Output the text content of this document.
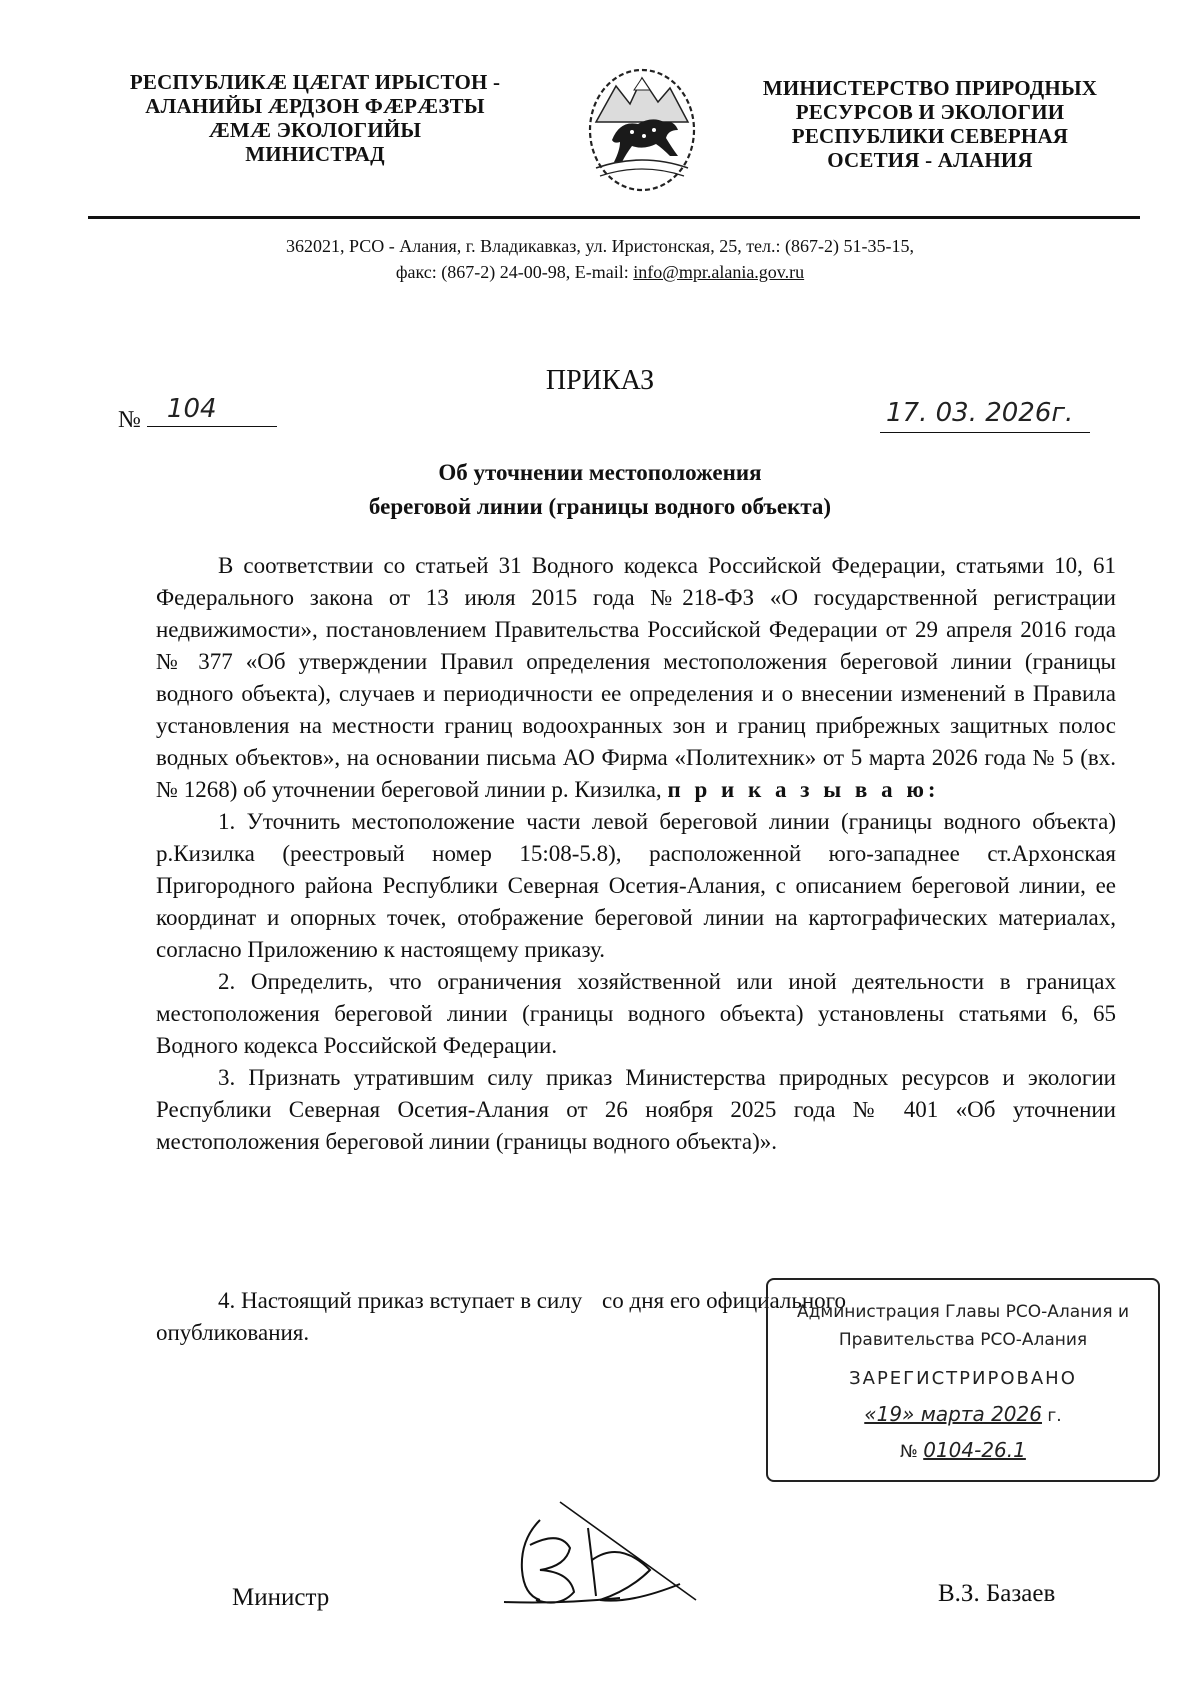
РЕСПУБЛИКÆ ЦÆГАТ ИРЫСТОН -
АЛАНИЙЫ ÆРДЗОН ФÆРÆЗТЫ
ÆМÆ ЭКОЛОГИЙЫ
МИНИСТРАД
МИНИСТЕРСТВО ПРИРОДНЫХ
РЕСУРСОВ И ЭКОЛОГИИ
РЕСПУБЛИКИ СЕВЕРНАЯ
ОСЕТИЯ - АЛАНИЯ
362021, РСО - Алания, г. Владикавказ, ул. Иристонская, 25, тел.: (867-2) 51-35-15,
факс: (867-2) 24-00-98, E-mail: info@mpr.alania.gov.ru
ПРИКАЗ
№ 104	17. 03. 2026г.
Об уточнении местоположения
береговой линии (границы водного объекта)

В соответствии со статьей 31 Водного кодекса Российской Федерации, статьями 10, 61 Федерального закона от 13 июля 2015 года №218-ФЗ «О государственной регистрации недвижимости», постановлением Правительства Российской Федерации от 29 апреля 2016 года № 377 «Об утверждении Правил определения местоположения береговой линии (границы водного объекта), случаев и периодичности ее определения и о внесении изменений в Правила установления на местности границ водоохранных зон и границ прибрежных защитных полос водных объектов», на основании письма АО Фирма «Политехник» от 5 марта 2026 года № 5 (вх. № 1268) об уточнении береговой линии р. Кизилка, п р и к а з ы в а ю:

1. Уточнить местоположение части левой береговой линии (границы водного объекта) р.Кизилка (реестровый номер 15:08-5.8), расположенной юго-западнее ст.Архонская Пригородного района Республики Северная Осетия-Алания, с описанием береговой линии, ее координат и опорных точек, отображение береговой линии на картографических материалах, согласно Приложению к настоящему приказу.

2. Определить, что ограничения хозяйственной или иной деятельности в границах местоположения береговой линии (границы водного объекта) установлены статьями 6, 65 Водного кодекса Российской Федерации.

3. Признать утратившим силу приказ Министерства природных ресурсов и экологии Республики Северная Осетия-Алания от 26 ноября 2025 года № 401 «Об уточнении местоположения береговой линии (границы водного объекта)».

4. Настоящий приказ вступает в силу со дня его официального
опубликования.
Администрация Главы РСО-Алания и
Правительства РСО-Алания
ЗАРЕГИСТРИРОВАНО
«19» марта 2026 г.
№ 0104-26.1
Министр	В.З. Базаев
